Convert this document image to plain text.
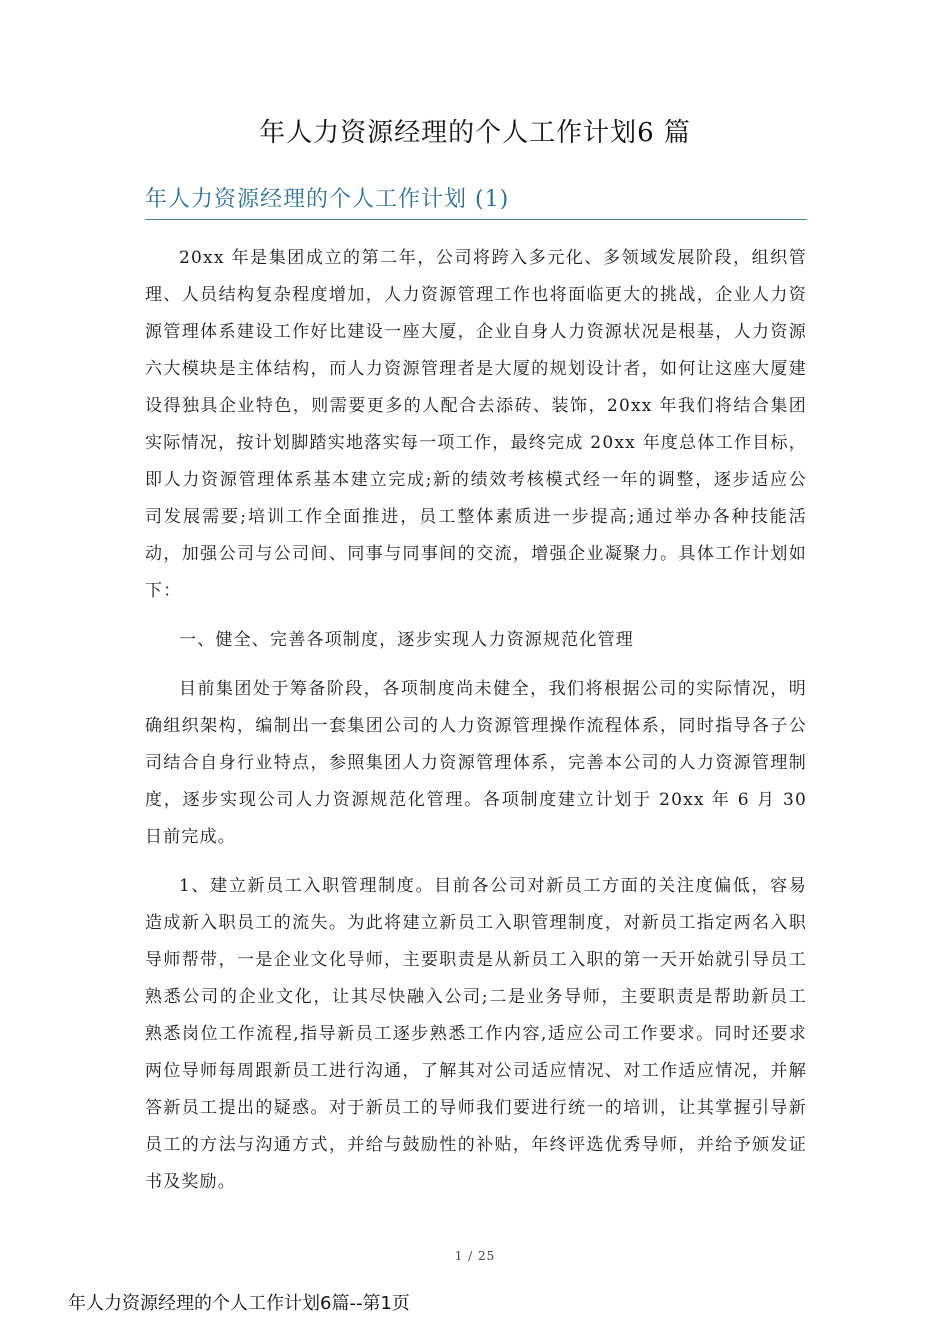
年人力资源经理的个人工作计划6 篇
年人力资源经理的个人工作计划 (1)

20xx 年是集团成立的第二年，公司将跨入多元化、多领域发展阶段，组织管理、人员结构复杂程度增加，人力资源管理工作也将面临更大的挑战，企业人力资源管理体系建设工作好比建设一座大厦，企业自身人力资源状况是根基，人力资源六大模块是主体结构，而人力资源管理者是大厦的规划设计者，如何让这座大厦建设得独具企业特色，则需要更多的人配合去添砖、装饰，20xx 年我们将结合集团实际情况，按计划脚踏实地落实每一项工作，最终完成 20xx 年度总体工作目标，即人力资源管理体系基本建立完成;新的绩效考核模式经一年的调整，逐步适应公司发展需要;培训工作全面推进，员工整体素质进一步提高;通过举办各种技能活动，加强公司与公司间、同事与同事间的交流，增强企业凝聚力。具体工作计划如下：

一、健全、完善各项制度，逐步实现人力资源规范化管理

目前集团处于筹备阶段，各项制度尚未健全，我们将根据公司的实际情况，明确组织架构，编制出一套集团公司的人力资源管理操作流程体系，同时指导各子公司结合自身行业特点，参照集团人力资源管理体系，完善本公司的人力资源管理制度，逐步实现公司人力资源规范化管理。各项制度建立计划于 20xx 年 6 月 30 日前完成。

1、建立新员工入职管理制度。目前各公司对新员工方面的关注度偏低，容易造成新入职员工的流失。为此将建立新员工入职管理制度，对新员工指定两名入职导师帮带，一是企业文化导师，主要职责是从新员工入职的第一天开始就引导员工熟悉公司的企业文化，让其尽快融入公司;二是业务导师，主要职责是帮助新员工熟悉岗位工作流程,指导新员工逐步熟悉工作内容,适应公司工作要求。同时还要求两位导师每周跟新员工进行沟通，了解其对公司适应情况、对工作适应情况，并解答新员工提出的疑惑。对于新员工的导师我们要进行统一的培训，让其掌握引导新员工的方法与沟通方式，并给与鼓励性的补贴，年终评选优秀导师，并给予颁发证书及奖励。

1 / 25
年人力资源经理的个人工作计划6篇--第1页
